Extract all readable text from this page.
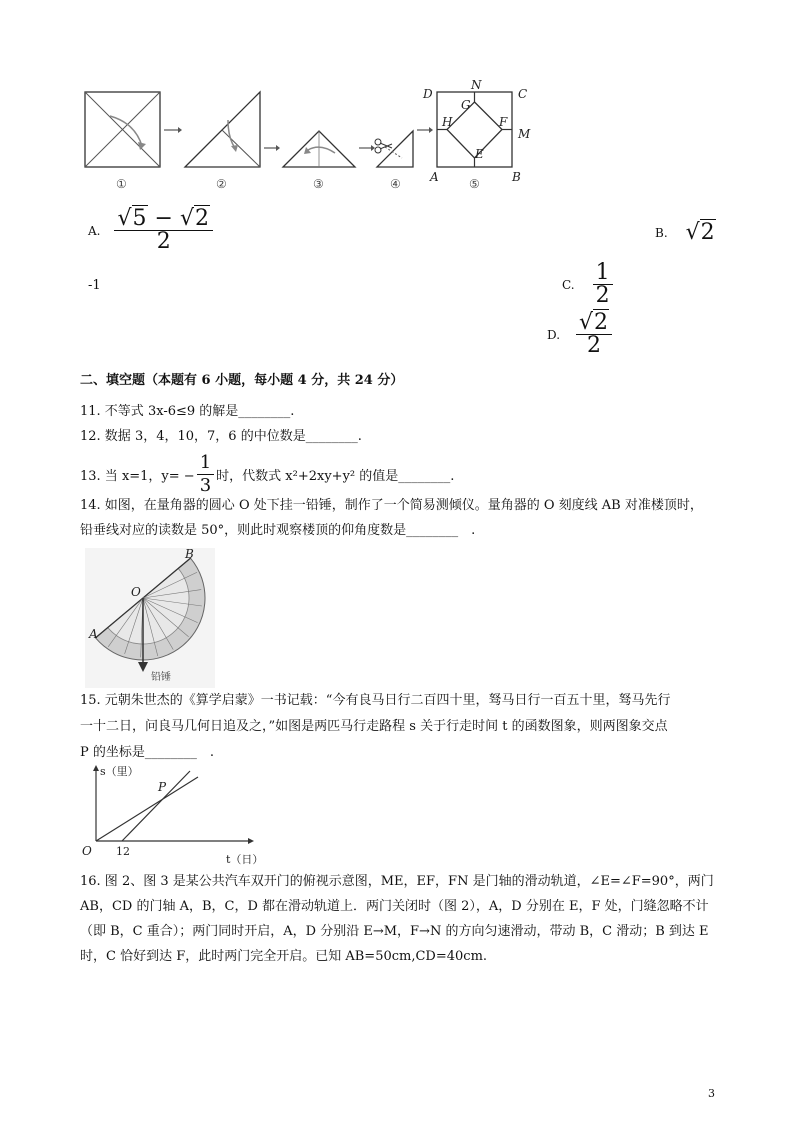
D
N
C
G
H	F
M
E
A	B
①	②	③	④	⑤
A. $\frac{√5 - √2}{2}$	B. √2
-1	C. $\frac{1}{2}$
D. $\frac{√2}{2}$
二、填空题（本题有 6 小题，每小题 4 分，共 24 分）
11. 不等式 3x-6≤9 的解是________.
12. 数据 3，4，10，7，6 的中位数是________.
13. 当 x=1，$y= - \frac{1}{3}$ 时，代数式 x²+2xy+y² 的值是________.
14. 如图，在量角器的圆心 O 处下挂一铅锤，制作了一个简易测倾仪。量角器的 O 刻度线 AB 对准楼顶时，
铅垂线对应的读数是 50°，则此时观察楼顶的仰角度数是________　.
B
O
A
铅锤
15. 元朝朱世杰的《算学启蒙》一书记载：“今有良马日行二百四十里，驽马日行一百五十里，驽马先行
一十二日，问良马几何日追及之，”如图是两匹马行走路程 s 关于行走时间 t 的函数图象，则两图象交点
P 的坐标是________　.
s（里）
t（日）
O
P
12
16. 图 2、图 3 是某公共汽车双开门的俯视示意图，ME，EF，FN 是门轴的滑动轨道，∠E=∠F=90°，两门
AB，CD 的门轴 A，B，C，D 都在滑动轨道上．两门关闭时（图 2），A，D 分别在 E，F 处，门缝忽略不计
（即 B，C 重合）；两门同时开启，A，D 分别沿 E→M，F→N 的方向匀速滑动，带动 B，C 滑动；B 到达 E
时，C 恰好到达 F，此时两门完全开启。已知 AB=50cm,CD=40cm.
3
